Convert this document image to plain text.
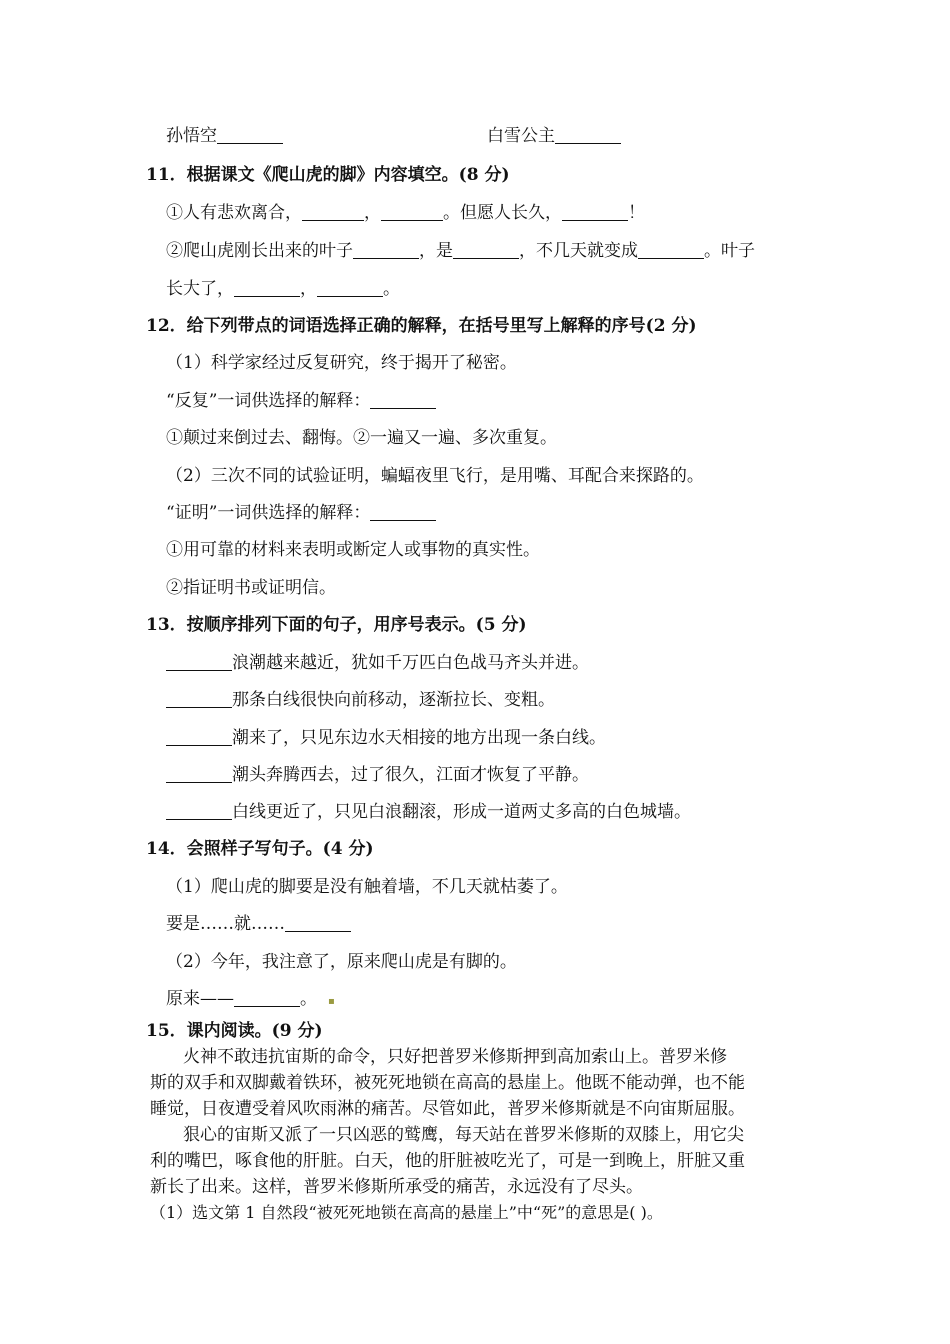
孙悟空	白雪公主
11．根据课文《爬山虎的脚》内容填空。(8 分)
①人有悲欢离合，	，	。但愿人长久，	！
②爬山虎刚长出来的叶子	，是	，不几天就变成	。叶子
长大了，	，	。
12．给下列带点的词语选择正确的解释，在括号里写上解释的序号(2 分)
（1）科学家经过反复研究，终于揭开了秘密。
“反复”一词供选择的解释：
①颠过来倒过去、翻悔。②一遍又一遍、多次重复。
（2）三次不同的试验证明，蝙蝠夜里飞行，是用嘴、耳配合来探路的。
“证明”一词供选择的解释：
①用可靠的材料来表明或断定人或事物的真实性。
②指证明书或证明信。
13．按顺序排列下面的句子，用序号表示。(5 分)
浪潮越来越近，犹如千万匹白色战马齐头并进。
那条白线很快向前移动，逐渐拉长、变粗。
潮来了，只见东边水天相接的地方出现一条白线。
潮头奔腾西去，过了很久，江面才恢复了平静。
白线更近了，只见白浪翻滚，形成一道两丈多高的白色城墙。
14．会照样子写句子。(4 分)
（1）爬山虎的脚要是没有触着墙，不几天就枯萎了。
要是……就……
（2）今年，我注意了，原来爬山虎是有脚的。
原来——	。 ▪
15．课内阅读。(9 分)
火神不敢违抗宙斯的命令，只好把普罗米修斯押到高加索山上。普罗米修
斯的双手和双脚戴着铁环，被死死地锁在高高的悬崖上。他既不能动弹，也不能
睡觉，日夜遭受着风吹雨淋的痛苦。尽管如此，普罗米修斯就是不向宙斯屈服。
狠心的宙斯又派了一只凶恶的鹫鹰，每天站在普罗米修斯的双膝上，用它尖
利的嘴巴，啄食他的肝脏。白天，他的肝脏被吃光了，可是一到晚上，肝脏又重
新长了出来。这样，普罗米修斯所承受的痛苦，永远没有了尽头。
（1）选文第 1 自然段“被死死地锁在高高的悬崖上”中“死”的意思是( )。
